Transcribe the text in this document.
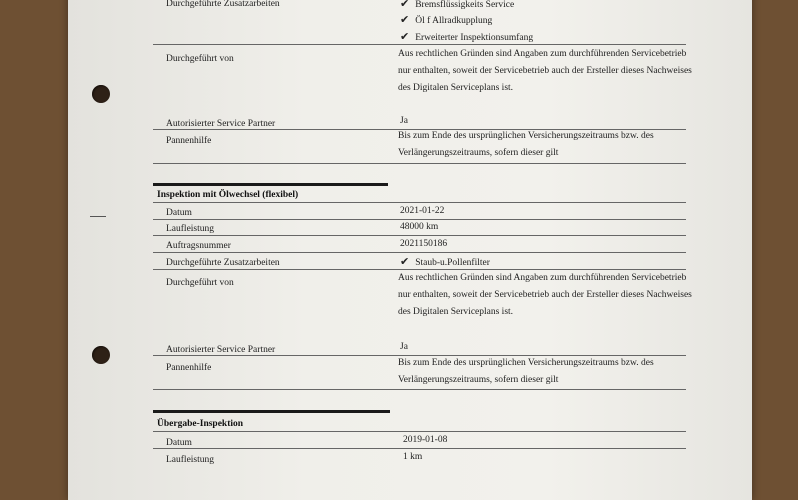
Durchgeführte Zusatzarbeiten	✔ Bremsflüssigkeits Service
✔ Öl f Allradkupplung
✔ Erweiterter Inspektionsumfang
Durchgeführt von	Aus rechtlichen Gründen sind Angaben zum durchführenden Servicebetrieb
nur enthalten, soweit der Servicebetrieb auch der Ersteller dieses Nachweises
des Digitalen Serviceplans ist.
Autorisierter Service Partner	Ja
Pannenhilfe	Bis zum Ende des ursprünglichen Versicherungszeitraums bzw. des
Verlängerungszeitraums, sofern dieser gilt
Inspektion mit Ölwechsel (flexibel)
Datum	2021-01-22
Laufleistung	48000 km
Auftragsnummer	2021150186
Durchgeführte Zusatzarbeiten	✔ Staub-u.Pollenfilter
Durchgeführt von	Aus rechtlichen Gründen sind Angaben zum durchführenden Servicebetrieb
nur enthalten, soweit der Servicebetrieb auch der Ersteller dieses Nachweises
des Digitalen Serviceplans ist.
Autorisierter Service Partner	Ja
Pannenhilfe	Bis zum Ende des ursprünglichen Versicherungszeitraums bzw. des
Verlängerungszeitraums, sofern dieser gilt
Übergabe-Inspektion
Datum	2019-01-08
Laufleistung	1 km
